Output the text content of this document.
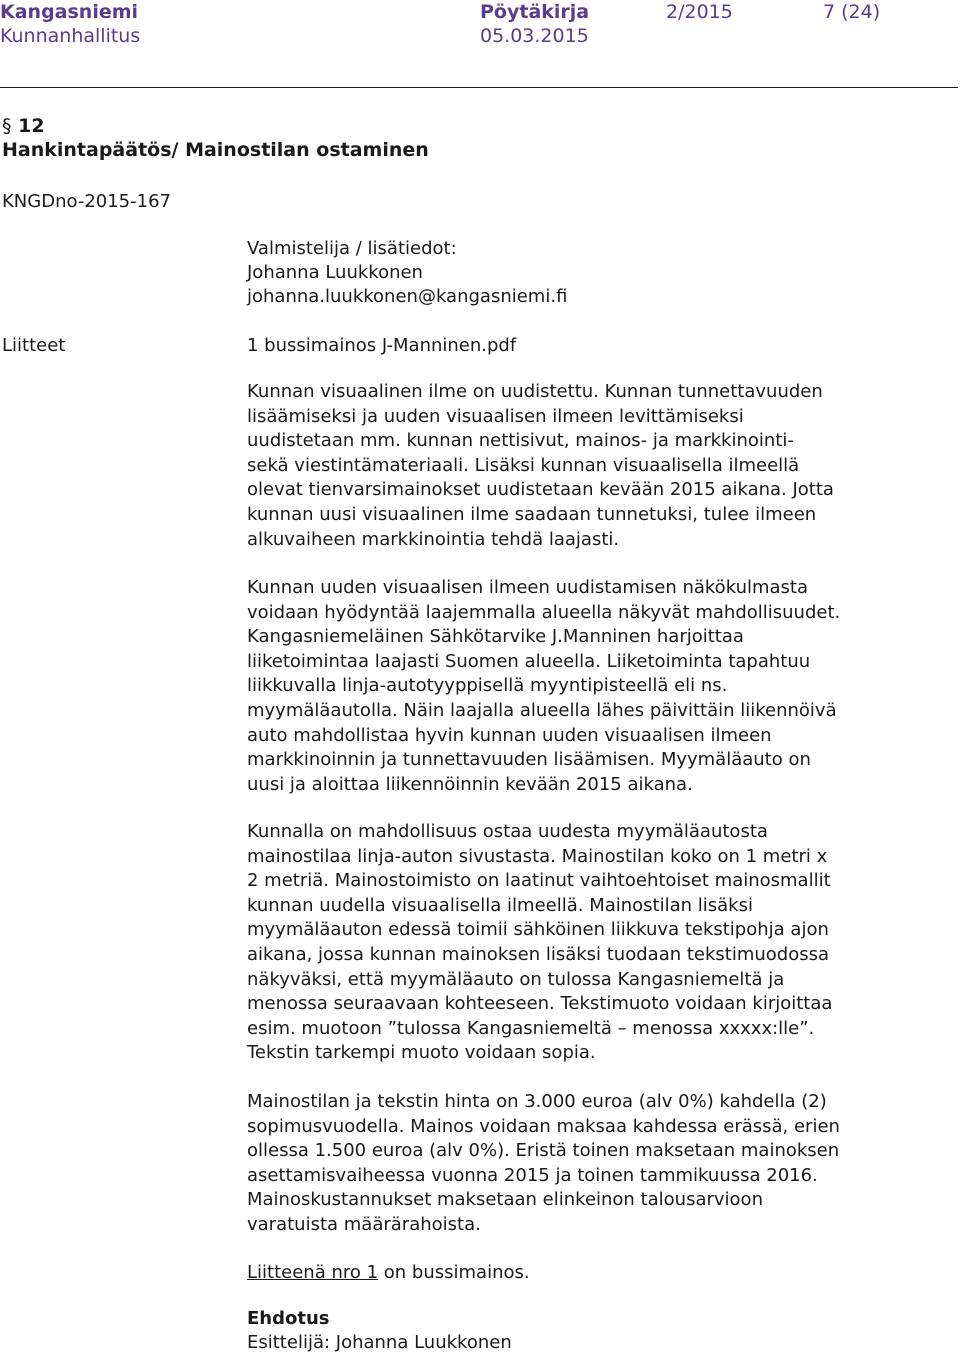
Kangasniemi
Kunnanhallitus
Pöytäkirja
05.03.2015
2/2015	7 (24)
§ 12
Hankintapäätös/ Mainostilan ostaminen
KNGDno-2015-167
Valmistelija / lisätiedot:
Johanna Luukkonen
johanna.luukkonen@kangasniemi.fi
Liitteet	1 bussimainos J-Manninen.pdf
Kunnan visuaalinen ilme on uudistettu. Kunnan tunnettavuuden
lisäämiseksi ja uuden visuaalisen ilmeen levittämiseksi
uudistetaan mm. kunnan nettisivut, mainos- ja markkinointi-
sekä viestintämateriaali. Lisäksi kunnan visuaalisella ilmeellä
olevat tienvarsimainokset uudistetaan kevään 2015 aikana. Jotta
kunnan uusi visuaalinen ilme saadaan tunnetuksi, tulee ilmeen
alkuvaiheen markkinointia tehdä laajasti.
Kunnan uuden visuaalisen ilmeen uudistamisen näkökulmasta
voidaan hyödyntää laajemmalla alueella näkyvät mahdollisuudet.
Kangasniemeläinen Sähkötarvike J.Manninen harjoittaa
liiketoimintaa laajasti Suomen alueella. Liiketoiminta tapahtuu
liikkuvalla linja-autotyyppisellä myyntipisteellä eli ns.
myymäläautolla. Näin laajalla alueella lähes päivittäin liikennöivä
auto mahdollistaa hyvin kunnan uuden visuaalisen ilmeen
markkinoinnin ja tunnettavuuden lisäämisen. Myymäläauto on
uusi ja aloittaa liikennöinnin kevään 2015 aikana.
Kunnalla on mahdollisuus ostaa uudesta myymäläautosta
mainostilaa linja-auton sivustasta. Mainostilan koko on 1 metri x
2 metriä. Mainostoimisto on laatinut vaihtoehtoiset mainosmallit
kunnan uudella visuaalisella ilmeellä. Mainostilan lisäksi
myymäläauton edessä toimii sähköinen liikkuva tekstipohja ajon
aikana, jossa kunnan mainoksen lisäksi tuodaan tekstimuodossa
näkyväksi, että myymäläauto on tulossa Kangasniemeltä ja
menossa seuraavaan kohteeseen. Tekstimuoto voidaan kirjoittaa
esim. muotoon ”tulossa Kangasniemeltä – menossa xxxxx:lle”.
Tekstin tarkempi muoto voidaan sopia.
Mainostilan ja tekstin hinta on 3.000 euroa (alv 0%) kahdella (2)
sopimusvuodella. Mainos voidaan maksaa kahdessa erässä, erien
ollessa 1.500 euroa (alv 0%). Eristä toinen maksetaan mainoksen
asettamisvaiheessa vuonna 2015 ja toinen tammikuussa 2016.
Mainoskustannukset maksetaan elinkeinon talousarvioon
varatuista määrärahoista.
Liitteenä nro 1 on bussimainos.
Ehdotus
Esittelijä: Johanna Luukkonen
